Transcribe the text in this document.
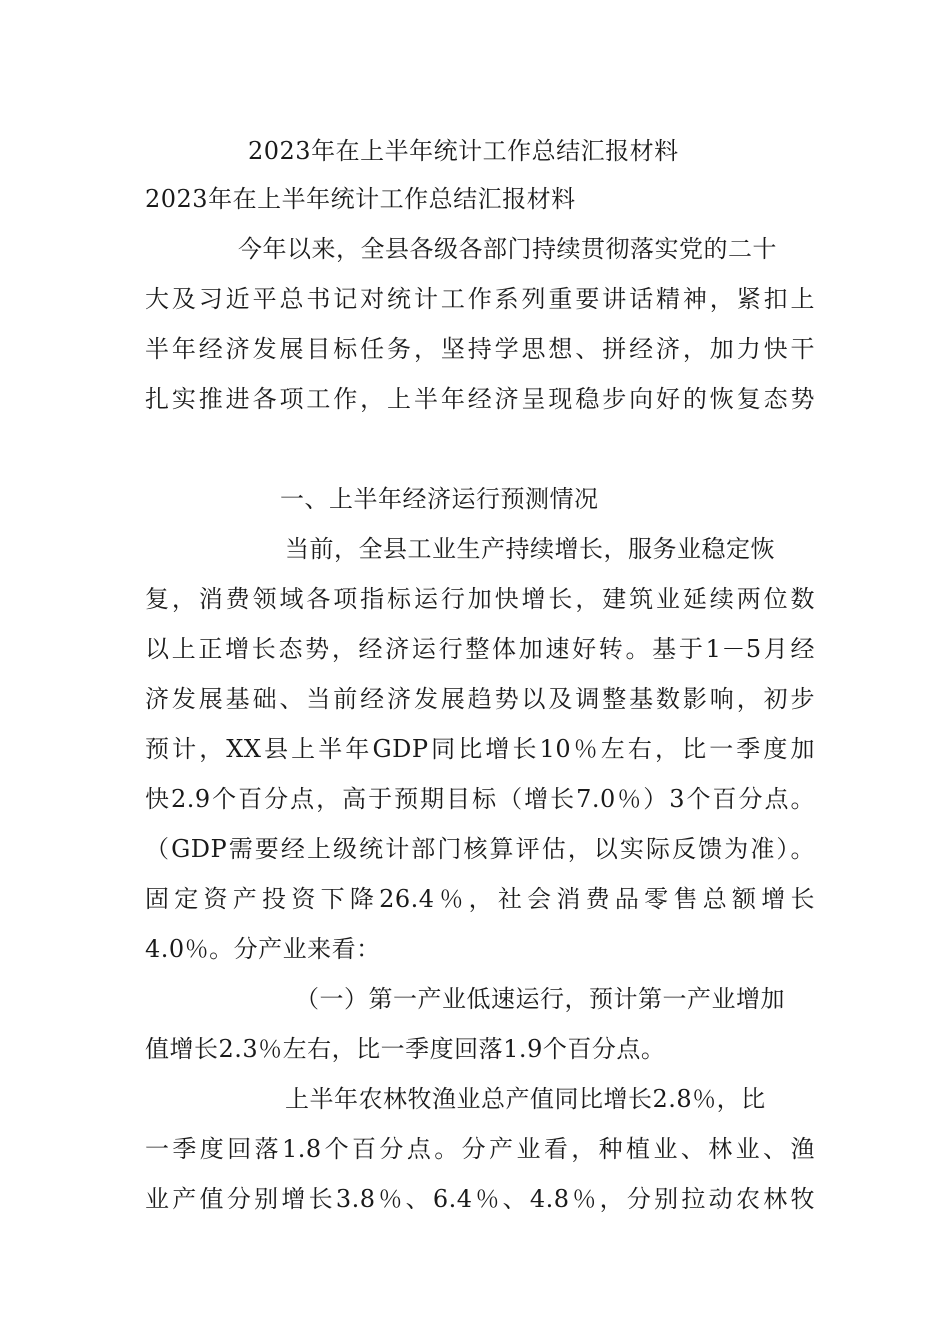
2023年在上半年统计工作总结汇报材料
2023年在上半年统计工作总结汇报材料
今年以来，全县各级各部门持续贯彻落实党的二十
大及习近平总书记对统计工作系列重要讲话精神，紧扣上
半年经济发展目标任务，坚持学思想、拼经济，加力快干
扎实推进各项工作，上半年经济呈现稳步向好的恢复态势
一、上半年经济运行预测情况
当前，全县工业生产持续增长，服务业稳定恢
复，消费领域各项指标运行加快增长，建筑业延续两位数
以上正增长态势，经济运行整体加速好转。基于1－5月经
济发展基础、当前经济发展趋势以及调整基数影响，初步
预计，XX县上半年GDP同比增长10％左右，比一季度加
快2.9个百分点，高于预期目标（增长7.0％）3个百分点。
（GDP需要经上级统计部门核算评估，以实际反馈为准）。
固定资产投资下降26.4％，社会消费品零售总额增长
4.0％。分产业来看：
（一）第一产业低速运行，预计第一产业增加
值增长2.3％左右，比一季度回落1.9个百分点。
上半年农林牧渔业总产值同比增长2.8％，比
一季度回落1.8个百分点。分产业看，种植业、林业、渔
业产值分别增长3.8％、6.4％、4.8％，分别拉动农林牧
